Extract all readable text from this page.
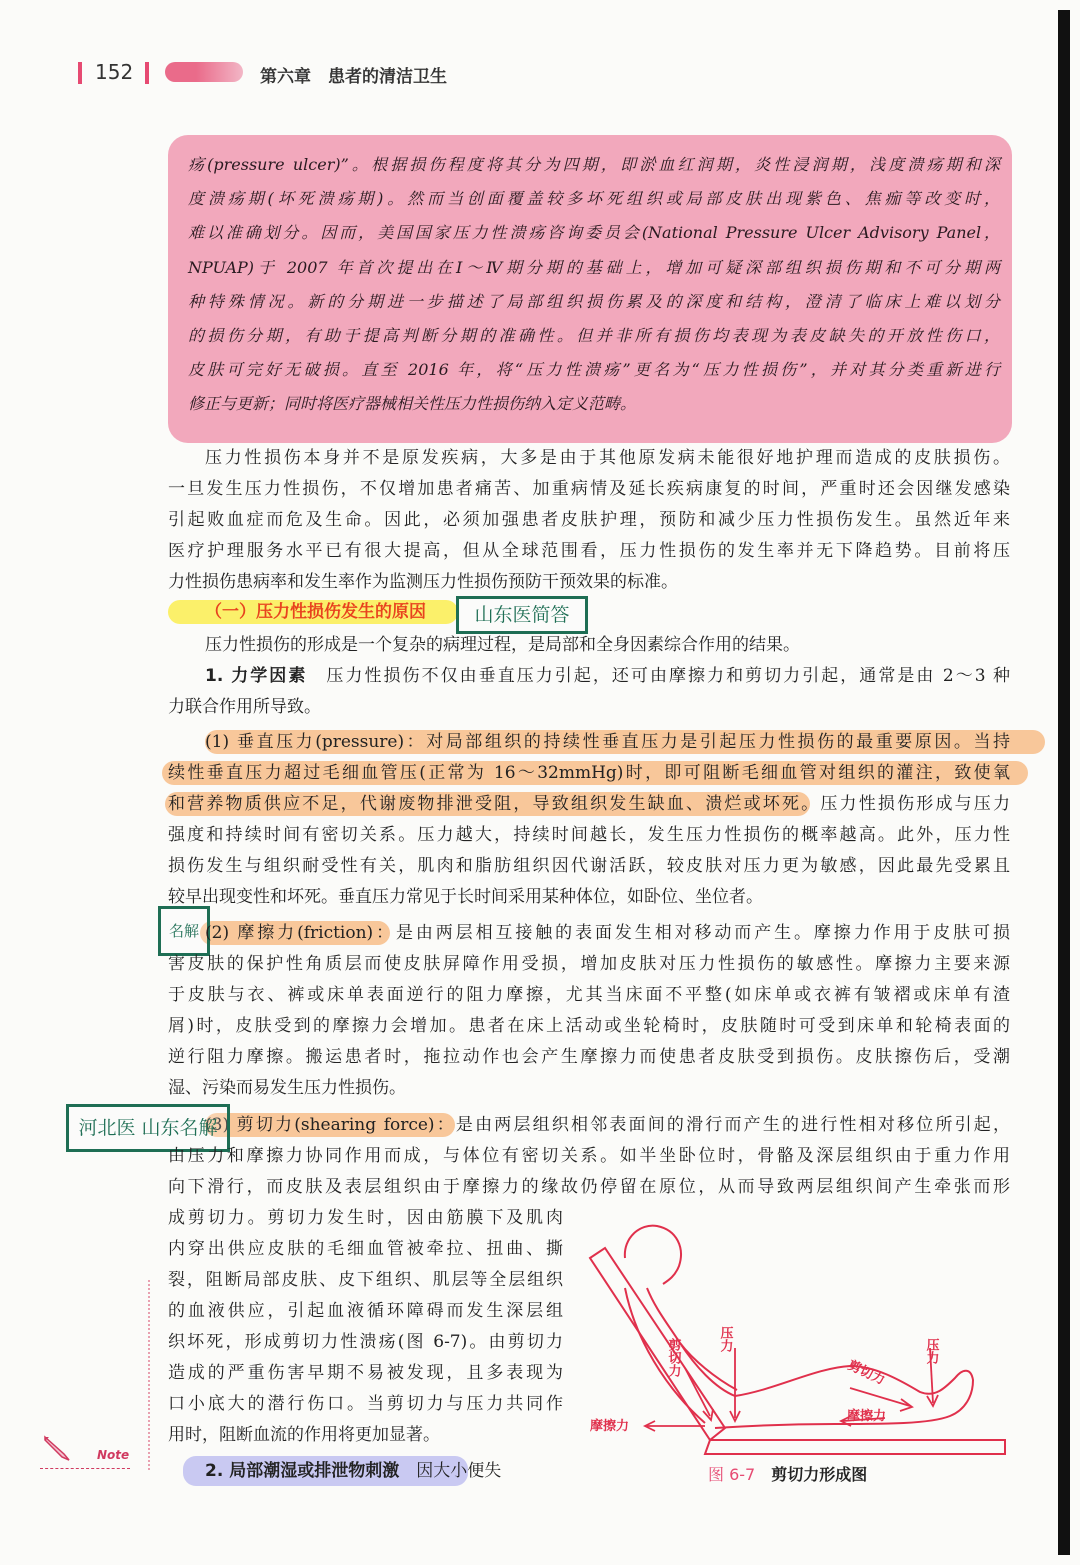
152	第六章　患者的清洁卫生
疡(pressure ulcer)”。根据损伤程度将其分为四期，即淤血红润期，炎性浸润期，浅度溃疡期和深
度溃疡期(坏死溃疡期)。然而当创面覆盖较多坏死组织或局部皮肤出现紫色、焦痂等改变时，
难以准确划分。因而，美国国家压力性溃疡咨询委员会(National Pressure Ulcer Advisory Panel，
NPUAP)于 2007 年首次提出在Ⅰ～Ⅳ期分期的基础上，增加可疑深部组织损伤期和不可分期两
种特殊情况。新的分期进一步描述了局部组织损伤累及的深度和结构，澄清了临床上难以划分
的损伤分期，有助于提高判断分期的准确性。但并非所有损伤均表现为表皮缺失的开放性伤口，
皮肤可完好无破损。直至 2016 年，将“压力性溃疡”更名为“压力性损伤”，并对其分类重新进行
修正与更新；同时将医疗器械相关性压力性损伤纳入定义范畴。
压力性损伤本身并不是原发疾病，大多是由于其他原发病未能很好地护理而造成的皮肤损伤。
一旦发生压力性损伤，不仅增加患者痛苦、加重病情及延长疾病康复的时间，严重时还会因继发感染
引起败血症而危及生命。因此，必须加强患者皮肤护理，预防和减少压力性损伤发生。虽然近年来
医疗护理服务水平已有很大提高，但从全球范围看，压力性损伤的发生率并无下降趋势。目前将压
力性损伤患病率和发生率作为监测压力性损伤预防干预效果的标准。
（一）压力性损伤发生的原因	山东医简答
压力性损伤的形成是一个复杂的病理过程，是局部和全身因素综合作用的结果。
1. 力学因素　压力性损伤不仅由垂直压力引起，还可由摩擦力和剪切力引起，通常是由 2～3 种
力联合作用所导致。
(1) 垂直压力(pressure)：对局部组织的持续性垂直压力是引起压力性损伤的最重要原因。当持
续性垂直压力超过毛细血管压(正常为 16～32mmHg)时，即可阻断毛细血管对组织的灌注，致使氧
和营养物质供应不足，代谢废物排泄受阻，导致组织发生缺血、溃烂或坏死。压力性损伤形成与压力
强度和持续时间有密切关系。压力越大，持续时间越长，发生压力性损伤的概率越高。此外，压力性
损伤发生与组织耐受性有关，肌肉和脂肪组织因代谢活跃，较皮肤对压力更为敏感，因此最先受累且
较早出现变性和坏死。垂直压力常见于长时间采用某种体位，如卧位、坐位者。
名解 (2) 摩擦力(friction)：是由两层相互接触的表面发生相对移动而产生。摩擦力作用于皮肤可损
害皮肤的保护性角质层而使皮肤屏障作用受损，增加皮肤对压力性损伤的敏感性。摩擦力主要来源
于皮肤与衣、裤或床单表面逆行的阻力摩擦，尤其当床面不平整(如床单或衣裤有皱褶或床单有渣
屑)时，皮肤受到的摩擦力会增加。患者在床上活动或坐轮椅时，皮肤随时可受到床单和轮椅表面的
逆行阻力摩擦。搬运患者时，拖拉动作也会产生摩擦力而使患者皮肤受到损伤。皮肤擦伤后，受潮
湿、污染而易发生压力性损伤。
(3) 剪切力(shearing force)：是由两层组织相邻表面间的滑行而产生的进行性相对移位所引起，
河北医 山东名解
由压力和摩擦力协同作用而成，与体位有密切关系。如半坐卧位时，骨骼及深层组织由于重力作用
向下滑行，而皮肤及表层组织由于摩擦力的缘故仍停留在原位，从而导致两层组织间产生牵张而形
成剪切力。剪切力发生时，因由筋膜下及肌肉
内穿出供应皮肤的毛细血管被牵拉、扭曲、撕
裂，阻断局部皮肤、皮下组织、肌层等全层组织
的血液供应，引起血液循环障碍而发生深层组
织坏死，形成剪切力性溃疡(图 6-7)。由剪切力
造成的严重伤害早期不易被发现，且多表现为
口小底大的潜行伤口。当剪切力与压力共同作
用时，阻断血流的作用将更加显著。
2. 局部潮湿或排泄物刺激　因大小便失
Note
剪切力	压力	压力
剪切力
摩擦力
摩擦力
图 6-7　 剪切力形成图
